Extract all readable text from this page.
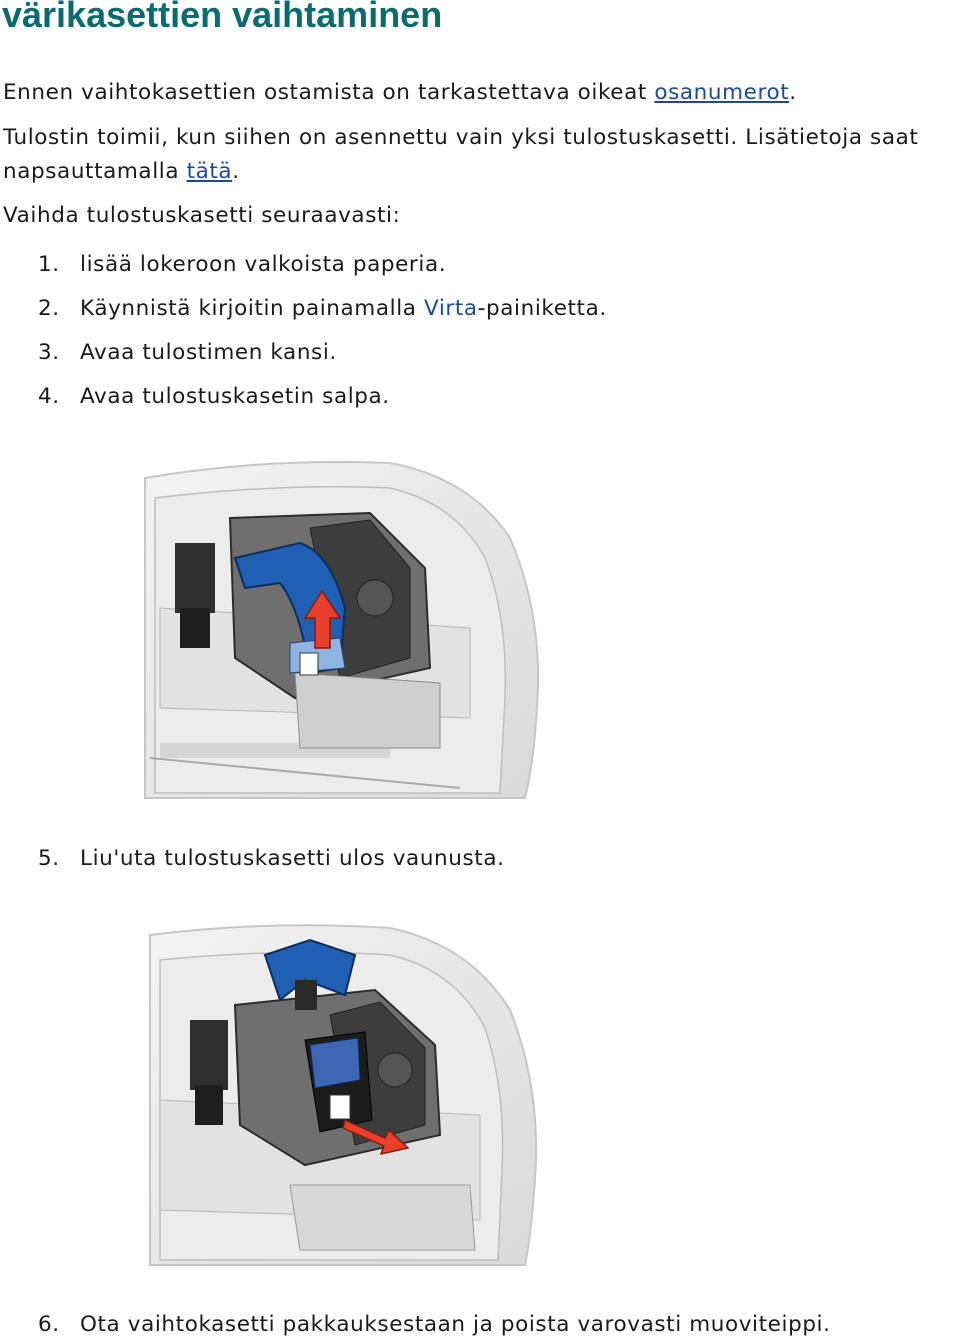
värikasettien vaihtaminen

Ennen vaihtokasettien ostamista on tarkastettava oikeat osanumerot.

Tulostin toimii, kun siihen on asennettu vain yksi tulostuskasetti. Lisätietoja saat
napsauttamalla tätä.

Vaihda tulostuskasetti seuraavasti:

1. lisää lokeroon valkoista paperia.

2. Käynnistä kirjoitin painamalla Virta-painiketta.

3. Avaa tulostimen kansi.

4. Avaa tulostuskasetin salpa.

5. Liu'uta tulostuskasetti ulos vaunusta.

6. Ota vaihtokasetti pakkauksestaan ja poista varovasti muoviteippi.
